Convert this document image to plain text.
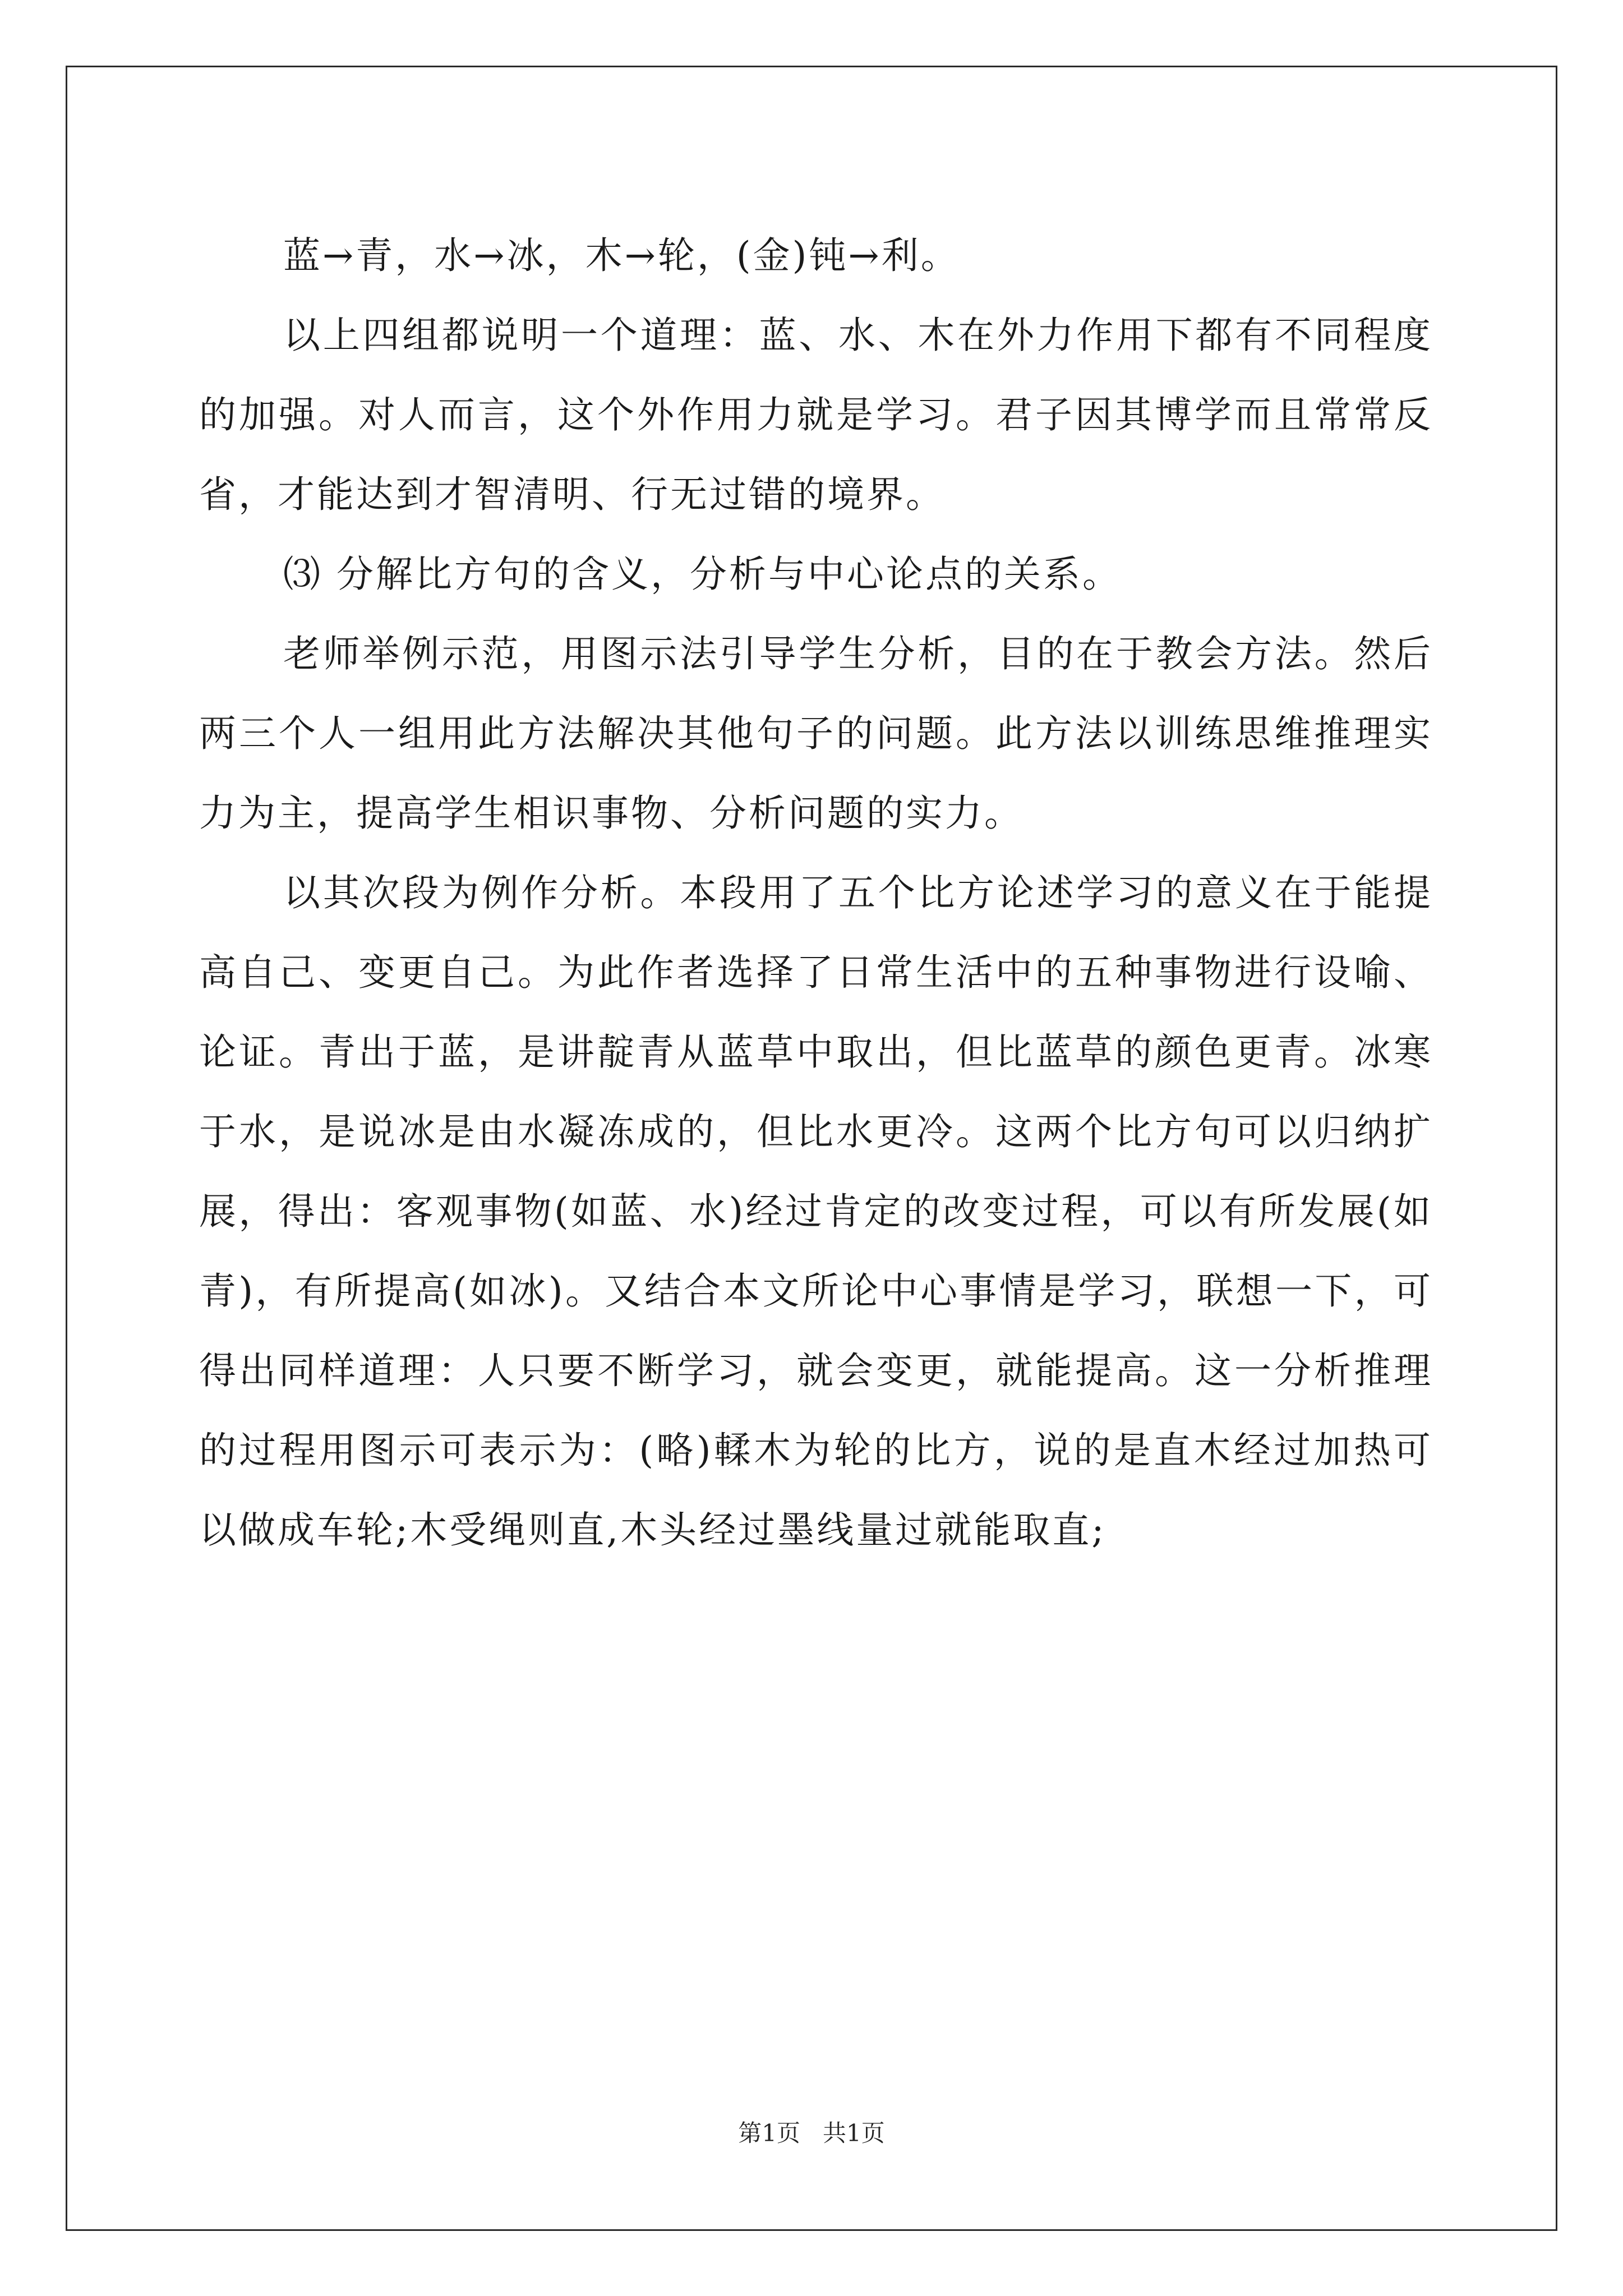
蓝→青，水→冰，木→轮，(金)钝→利。

以上四组都说明一个道理：蓝、水、木在外力作用下都有不同程度的加强。对人而言，这个外作用力就是学习。君子因其博学而且常常反省，才能达到才智清明、行无过错的境界。

⑶ 分解比方句的含义，分析与中心论点的关系。

老师举例示范，用图示法引导学生分析，目的在于教会方法。然后两三个人一组用此方法解决其他句子的问题。此方法以训练思维推理实力为主，提高学生相识事物、分析问题的实力。

以其次段为例作分析。本段用了五个比方论述学习的意义在于能提高自己、变更自己。为此作者选择了日常生活中的五种事物进行设喻、论证。青出于蓝，是讲靛青从蓝草中取出，但比蓝草的颜色更青。冰寒于水，是说冰是由水凝冻成的，但比水更冷。这两个比方句可以归纳扩展，得出：客观事物(如蓝、水)经过肯定的改变过程，可以有所发展(如青)，有所提高(如冰)。又结合本文所论中心事情是学习，联想一下，可得出同样道理：人只要不断学习，就会变更，就能提高。这一分析推理的过程用图示可表示为：(略)輮木为轮的比方，说的是直木经过加热可以做成车轮;木受绳则直,木头经过墨线量过就能取直;

第1页   共1页
